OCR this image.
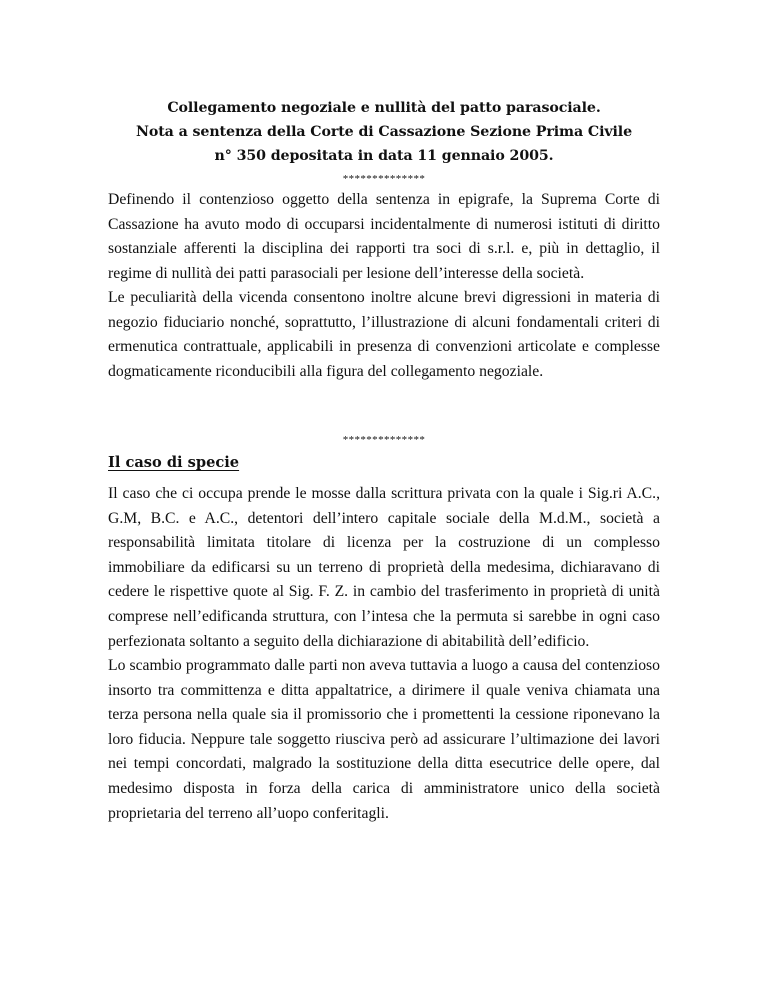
Collegamento negoziale e nullità del patto parasociale.
Nota a sentenza della Corte di Cassazione Sezione Prima Civile
n° 350 depositata in data 11 gennaio 2005.
**************

Definendo il contenzioso oggetto della sentenza in epigrafe, la Suprema Corte di Cassazione ha avuto modo di occuparsi incidentalmente di numerosi istituti di diritto sostanziale afferenti la disciplina dei rapporti tra soci di s.r.l. e, più in dettaglio, il regime di nullità dei patti parasociali per lesione dell’interesse della società.

Le peculiarità della vicenda consentono inoltre alcune brevi digressioni in materia di negozio fiduciario nonché, soprattutto, l’illustrazione di alcuni fondamentali criteri di ermenutica contrattuale, applicabili in presenza di convenzioni articolate e complesse dogmaticamente riconducibili alla figura del collegamento negoziale.

**************
Il caso di specie

Il caso che ci occupa prende le mosse dalla scrittura privata con la quale i Sig.ri A.C., G.M, B.C. e A.C., detentori dell’intero capitale sociale della M.d.M., società a responsabilità limitata titolare di licenza per la costruzione di un complesso immobiliare da edificarsi su un terreno di proprietà della medesima, dichiaravano di cedere le rispettive quote al Sig. F. Z. in cambio del trasferimento in proprietà di unità comprese nell’edificanda struttura, con l’intesa che la permuta si sarebbe in ogni caso perfezionata soltanto a seguito della dichiarazione di abitabilità dell’edificio.

Lo scambio programmato dalle parti non aveva tuttavia a luogo a causa del contenzioso insorto tra committenza e ditta appaltatrice, a dirimere il quale veniva chiamata una terza persona nella quale sia il promissorio che i promettenti la cessione riponevano la loro fiducia. Neppure tale soggetto riusciva però ad assicurare l’ultimazione dei lavori nei tempi concordati, malgrado la sostituzione della ditta esecutrice delle opere, dal medesimo disposta in forza della carica di amministratore unico della società proprietaria del terreno all’uopo conferitagli.
